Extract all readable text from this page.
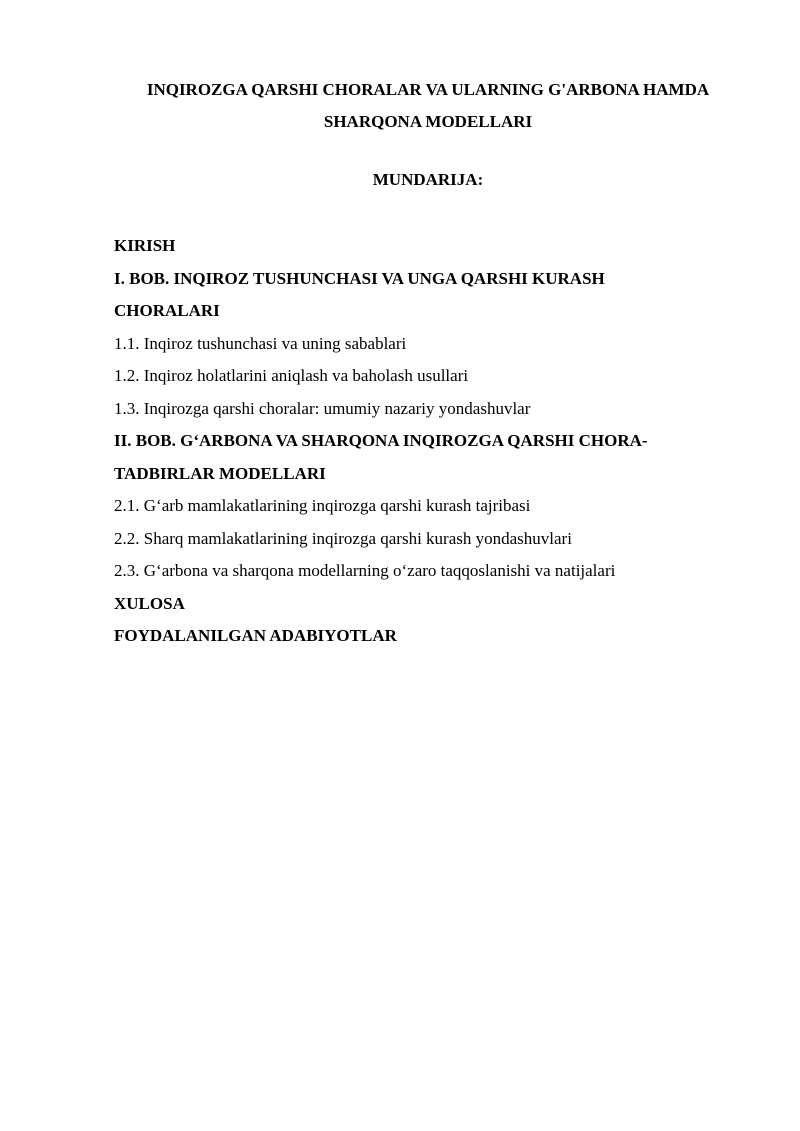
INQIROZGA QARSHI CHORALAR VA ULARNING G'ARBONA HAMDA
SHARQONA MODELLARI
MUNDARIJA:
KIRISH
I. BOB. INQIROZ TUSHUNCHASI VA UNGA QARSHI KURASH
CHORALARI
1.1. Inqiroz tushunchasi va uning sabablari
1.2. Inqiroz holatlarini aniqlash va baholash usullari
1.3. Inqirozga qarshi choralar: umumiy nazariy yondashuvlar
II. BOB. G‘ARBONA VA SHARQONA INQIROZGA QARSHI CHORA-
TADBIRLAR MODELLARI
2.1. G‘arb mamlakatlarining inqirozga qarshi kurash tajribasi
2.2. Sharq mamlakatlarining inqirozga qarshi kurash yondashuvlari
2.3. G‘arbona va sharqona modellarning o‘zaro taqqoslanishi va natijalari
XULOSA
FOYDALANILGAN ADABIYOTLAR
